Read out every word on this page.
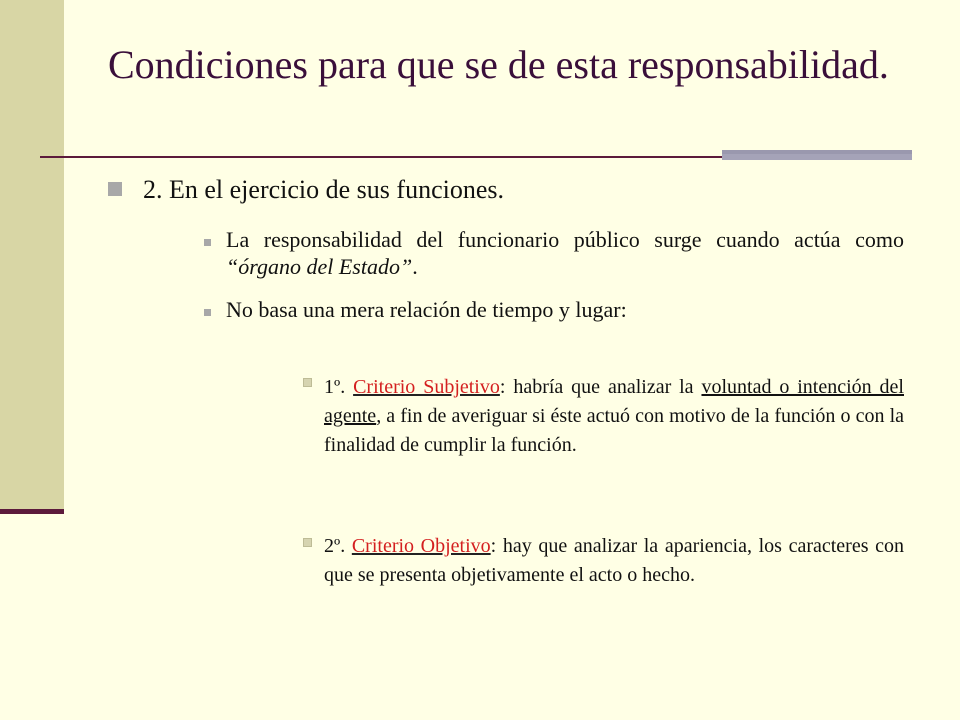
Condiciones para que se de esta responsabilidad.
2. En el ejercicio de sus funciones.
La responsabilidad del funcionario público surge cuando actúa como “órgano del Estado”.
No basa una mera relación de tiempo y lugar:
1º. Criterio Subjetivo: habría que analizar la voluntad o intención del agente, a fin de averiguar si éste actuó con motivo de la función o con la finalidad de cumplir la función.
2º. Criterio Objetivo: hay que analizar la apariencia, los caracteres con que se presenta objetivamente el acto o hecho.
